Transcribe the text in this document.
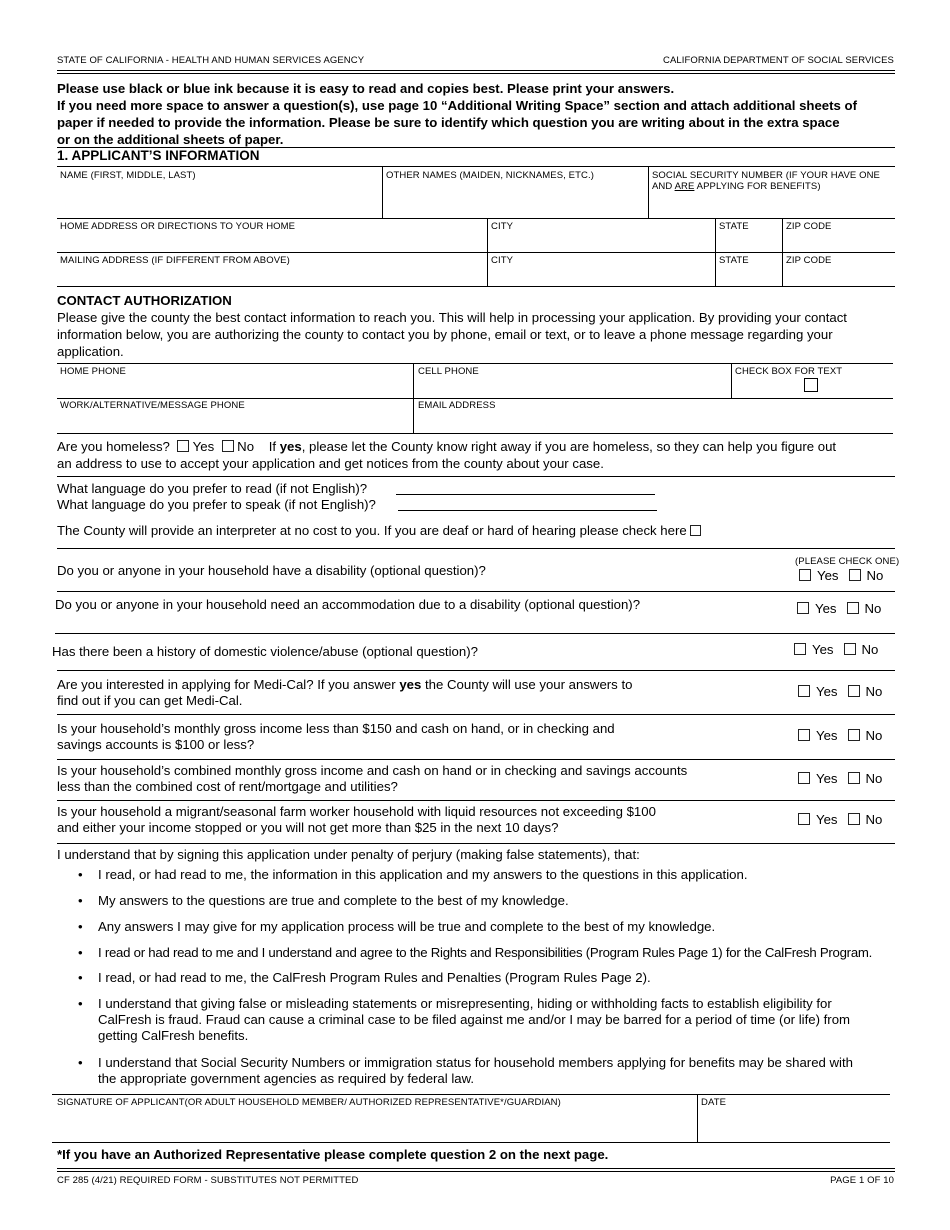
STATE OF CALIFORNIA - HEALTH AND HUMAN SERVICES AGENCY	CALIFORNIA DEPARTMENT OF SOCIAL SERVICES
Please use black or blue ink because it is easy to read and copies best. Please print your answers.
If you need more space to answer a question(s), use page 10 “Additional Writing Space” section and attach additional sheets of
paper if needed to provide the information. Please be sure to identify which question you are writing about in the extra space
or on the additional sheets of paper.
1. APPLICANT’S INFORMATION
NAME (FIRST, MIDDLE, LAST)	OTHER NAMES (MAIDEN, NICKNAMES, ETC.)	SOCIAL SECURITY NUMBER (IF YOUR HAVE ONE
AND ARE APPLYING FOR BENEFITS)
HOME ADDRESS OR DIRECTIONS TO YOUR HOME	CITY	STATE	ZIP CODE
MAILING ADDRESS (IF DIFFERENT FROM ABOVE)	CITY	STATE	ZIP CODE
CONTACT AUTHORIZATION
Please give the county the best contact information to reach you. This will help in processing your application. By providing your contact
information below, you are authorizing the county to contact you by phone, email or text, or to leave a phone message regarding your
application.
HOME PHONE	CELL PHONE	CHECK BOX FOR TEXT
WORK/ALTERNATIVE/MESSAGE PHONE	EMAIL ADDRESS
Are you homeless? Yes No If yes, please let the County know right away if you are homeless, so they can help you figure out
an address to use to accept your application and get notices from the county about your case.
What language do you prefer to read (if not English)?
What language do you prefer to speak (if not English)?
The County will provide an interpreter at no cost to you. If you are deaf or hard of hearing please check here
(PLEASE CHECK ONE)
Do you or anyone in your household have a disability (optional question)?	Yes No
Do you or anyone in your household need an accommodation due to a disability (optional question)?	Yes No
Has there been a history of domestic violence/abuse (optional question)?	Yes No
Are you interested in applying for Medi-Cal? If you answer yes the County will use your answers to
find out if you can get Medi-Cal.
Yes No
Is your household’s monthly gross income less than $150 and cash on hand, or in checking and
savings accounts is $100 or less?
Yes No
Is your household’s combined monthly gross income and cash on hand or in checking and savings accounts
less than the combined cost of rent/mortgage and utilities?
Yes No
Is your household a migrant/seasonal farm worker household with liquid resources not exceeding $100
and either your income stopped or you will not get more than $25 in the next 10 days?
Yes No
I understand that by signing this application under penalty of perjury (making false statements), that:
• I read, or had read to me, the information in this application and my answers to the questions in this application.
• My answers to the questions are true and complete to the best of my knowledge.
• Any answers I may give for my application process will be true and complete to the best of my knowledge.
• I read or had read to me and I understand and agree to the Rights and Responsibilities (Program Rules Page 1) for the CalFresh Program.
• I read, or had read to me, the CalFresh Program Rules and Penalties (Program Rules Page 2).
• I understand that giving false or misleading statements or misrepresenting, hiding or withholding facts to establish eligibility for
CalFresh is fraud. Fraud can cause a criminal case to be filed against me and/or I may be barred for a period of time (or life) from
getting CalFresh benefits.
• I understand that Social Security Numbers or immigration status for household members applying for benefits may be shared with
the appropriate government agencies as required by federal law.
SIGNATURE OF APPLICANT(OR ADULT HOUSEHOLD MEMBER/ AUTHORIZED REPRESENTATIVE*/GUARDIAN)	DATE
*If you have an Authorized Representative please complete question 2 on the next page.
CF 285 (4/21) REQUIRED FORM - SUBSTITUTES NOT PERMITTED	PAGE 1 OF 10
